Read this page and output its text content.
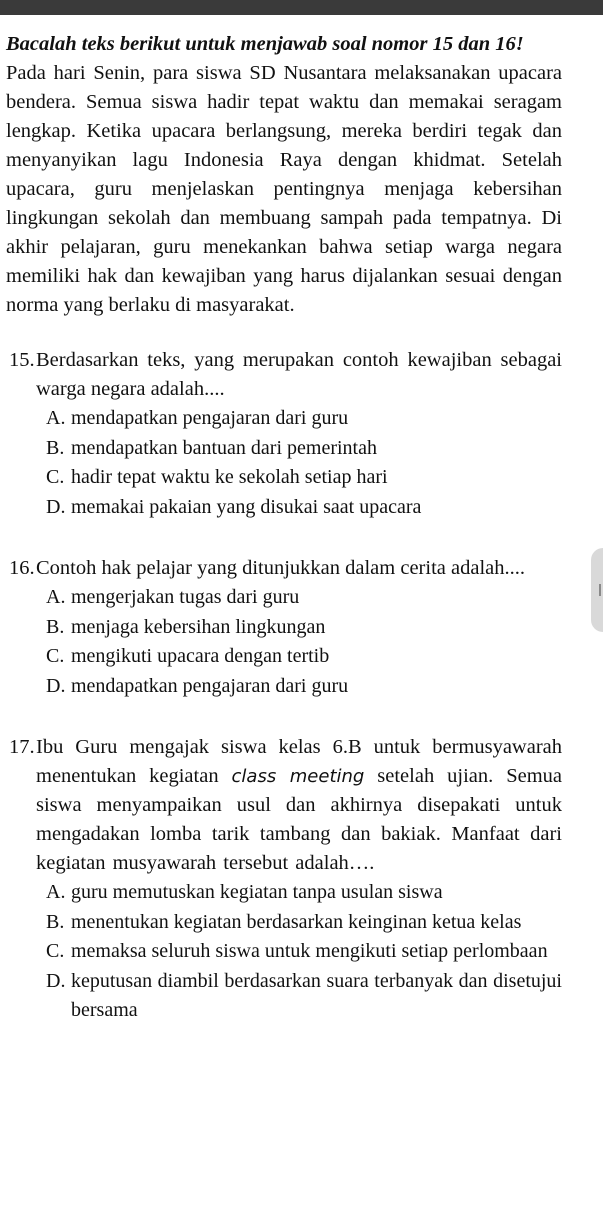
Bacalah teks berikut untuk menjawab soal nomor 15 dan 16!

Pada hari Senin, para siswa SD Nusantara melaksanakan upacara bendera. Semua siswa hadir tepat waktu dan memakai seragam lengkap. Ketika upacara berlangsung, mereka berdiri tegak dan menyanyikan lagu Indonesia Raya dengan khidmat. Setelah upacara, guru menjelaskan pentingnya menjaga kebersihan lingkungan sekolah dan membuang sampah pada tempatnya. Di akhir pelajaran, guru menekankan bahwa setiap warga negara memiliki hak dan kewajiban yang harus dijalankan sesuai dengan norma yang berlaku di masyarakat.

15. Berdasarkan teks, yang merupakan contoh kewajiban sebagai warga negara adalah....
A. mendapatkan pengajaran dari guru
B. mendapatkan bantuan dari pemerintah
C. hadir tepat waktu ke sekolah setiap hari
D. memakai pakaian yang disukai saat upacara
16. Contoh hak pelajar yang ditunjukkan dalam cerita adalah....
A. mengerjakan tugas dari guru
B. menjaga kebersihan lingkungan
C. mengikuti upacara dengan tertib
D. mendapatkan pengajaran dari guru
17. Ibu Guru mengajak siswa kelas 6.B untuk bermusyawarah menentukan kegiatan class meeting setelah ujian. Semua siswa menyampaikan usul dan akhirnya disepakati untuk mengadakan lomba tarik tambang dan bakiak. Manfaat dari kegiatan musyawarah tersebut adalah….
A. guru memutuskan kegiatan tanpa usulan siswa
B. menentukan kegiatan berdasarkan keinginan ketua kelas
C. memaksa seluruh siswa untuk mengikuti setiap perlombaan
D. keputusan diambil berdasarkan suara terbanyak dan disetujui bersama
